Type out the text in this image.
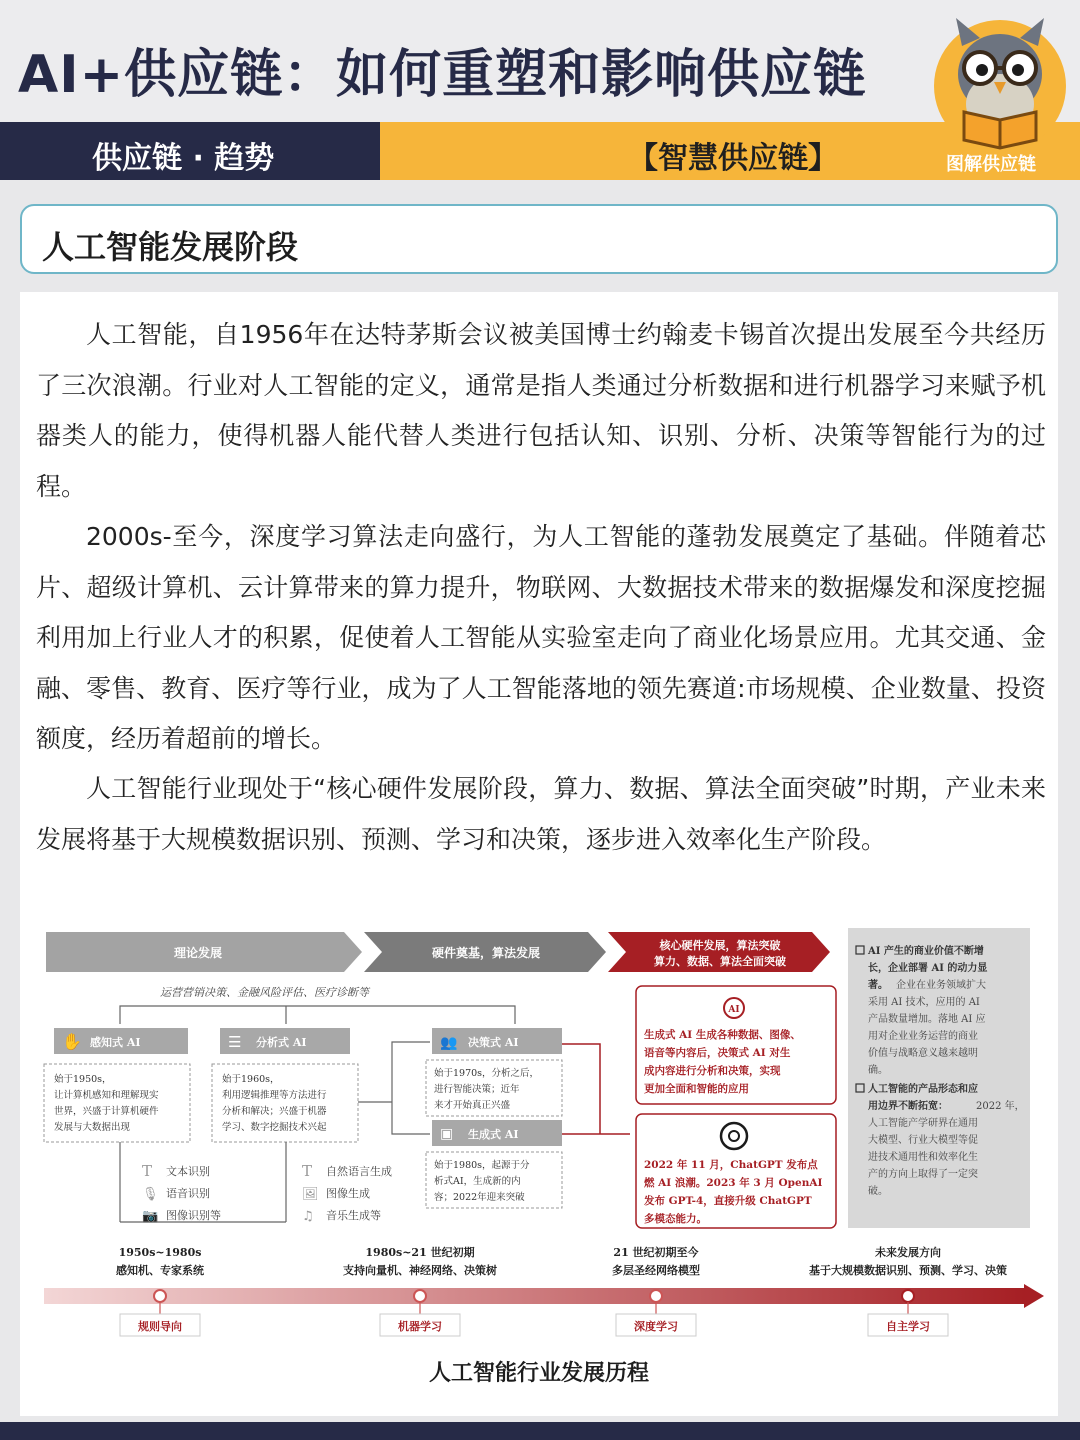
AI+供应链：如何重塑和影响供应链
供应链 · 趋势	【智慧供应链】	图解供应链
人工智能发展阶段

人工智能，自1956年在达特茅斯会议被美国博士约翰麦卡锡首次提出发展至今共经历了三次浪潮。行业对人工智能的定义，通常是指人类通过分析数据和进行机器学习来赋予机器类人的能力，使得机器人能代替人类进行包括认知、识别、分析、决策等智能行为的过程。

2000s-至今，深度学习算法走向盛行，为人工智能的蓬勃发展奠定了基础。伴随着芯片、超级计算机、云计算带来的算力提升，物联网、大数据技术带来的数据爆发和深度挖掘利用加上行业人才的积累，促使着人工智能从实验室走向了商业化场景应用。尤其交通、金融、零售、教育、医疗等行业，成为了人工智能落地的领先赛道:市场规模、企业数量、投资额度，经历着超前的增长。

人工智能行业现处于“核心硬件发展阶段，算力、数据、算法全面突破”时期，产业未来发展将基于大规模数据识别、预测、学习和决策，逐步进入效率化生产阶段。

理论发展	硬件奠基，算法发展
核心硬件发展，算法突破
算力、数据、算法全面突破
运营营销决策、金融风险评估、医疗诊断等
✋ 感知式 AI
始于1950s，
让计算机感知和理解现实
世界，兴盛于计算机硬件
发展与大数据出现
T 文本识别
🎙 语音识别
📷 图像识别等
☰ 分析式 AI
始于1960s，
利用逻辑推理等方法进行
分析和解决；兴盛于机器
学习、数字挖掘技术兴起
T 自然语言生成
🖼 图像生成
♫ 音乐生成等
👥 决策式 AI
始于1970s，分析之后，
进行智能决策；近年
来才开始真正兴盛
▣ 生成式 AI
始于1980s，起源于分
析式AI，生成新的内
容；2022年迎来突破
AI
生成式 AI 生成各种数据、图像、
语音等内容后，决策式 AI 对生
成内容进行分析和决策，实现
更加全面和智能的应用
2022 年 11 月，ChatGPT 发布点
燃 AI 浪潮。2023 年 3 月 OpenAI
发布 GPT-4，直接升级 ChatGPT
多模态能力。
AI 产生的商业价值不断增
长，企业部署 AI 的动力显
著。 企业在业务领域扩大
采用 AI 技术，应用的 AI
产品数量增加。落地 AI 应
用对企业业务运营的商业
价值与战略意义越来越明
确。
人工智能的产品形态和应
用边界不断拓宽：	2022 年，
人工智能产学研界在通用
大模型、行业大模型等促
进技术通用性和效率化生
产的方向上取得了一定突
破。
1950s~1980s
感知机、专家系统
1980s~21 世纪初期
支持向量机、神经网络、决策树
21 世纪初期至今
多层圣经网络模型
未来发展方向
基于大规模数据识别、预测、学习、决策
规则导向	机器学习	深度学习	自主学习
人工智能行业发展历程
